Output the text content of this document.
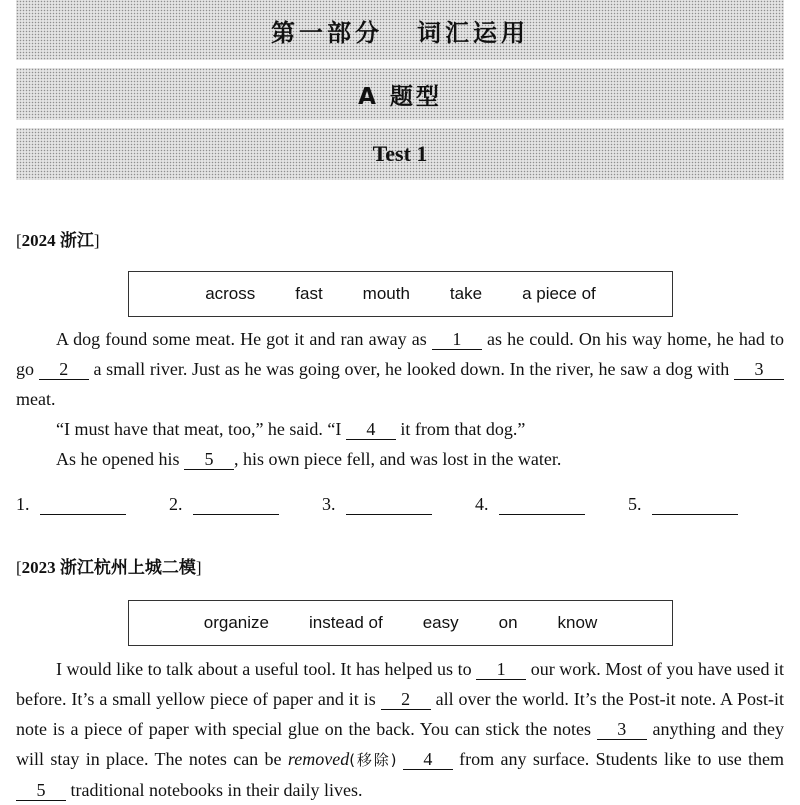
第一部分 词汇运用
A 题型
Test 1
[2024 浙江]
across fast mouth take a piece of

A dog found some meat. He got it and ran away as 1 as he could. On his way home, he had to go 2 a small river. Just as he was going over, he looked down. In the river, he saw a dog with 3 meat.

“I must have that meat, too,” he said. “I 4 it from that dog.”

As he opened his 5 , his own piece fell, and was lost in the water.

1.	2.	3.	4.	5.
[2023 浙江杭州上城二模]
organize instead of easy on know

I would like to talk about a useful tool. It has helped us to 1 our work. Most of you have used it before. It’s a small yellow piece of paper and it is 2 all over the world. It’s the Post-it note. A Post-it note is a piece of paper with special glue on the back. You can stick the notes 3 anything and they will stay in place. The notes can be removed(移除) 4 from any surface. Students like to use them 5 traditional notebooks in their daily lives.
